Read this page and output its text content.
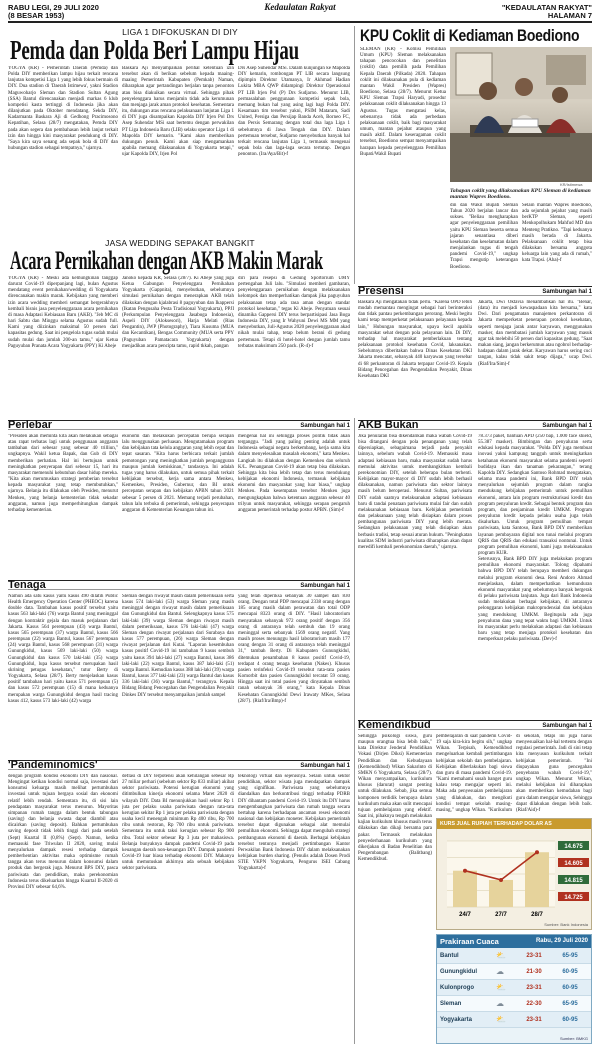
RABU LEGI, 29 JULI 2020
(8 BESAR 1953)
Kedaulatan Rakyat	"KEDAULATAN RAKYAT"
HALAMAN 7
LIGA 1 DIFOKUSKAN DI DIY
Pemda dan Polda Beri Lampu Hijau

YOGYA (KR) - Pemerintah Daerah (Pemda) dan Polda DIY memberikan lampu hijau terkait rencana lanjutan kompetisi Liga 1 yang lebih fokus bermain di DIY. Dua stadion di 'Daerah Istimewa', yakni Stadion Maguwoharjo Sleman dan Stadion Sultan Agung (SSA) Bantul direncanakan menjadi markas 6 klub kompetisi kasta tertinggi di Indonesia jika akan dilanjutkan pada Oktober mendatang. Sekda DIY, Kadarmanta Baskara Aji di Gedhong Pracimosono Kepatihan, Selasa (28/7) mengatakan, Pemda DIY pada akan segera dan pembahasan lebih lanjut terkait izin dan hingga kini masyarakat pendukung di DIY. "Saya kira saya senang ada sepak bola di DIY dan hubungan stadion sebagai tempatnya," ujarnya.

Baskara Aji menyampaikan perihal ketentuan izin tersebut akan di berikan sebelum kepada maaing-maaing Pemerintah Kabupaten (Pemkab) Naman, diharapkan agar pertandingan berjalan tanpa penonton atau bisa diakuikan secara virtual. Sehingga pihak penyelenggara harus menjamin tidak ada kerumunan dan menjaga jarak aman protokol kesehatan. Sementara itu, dukungan atas rencana pelaksanaan lanjutan Liga 1 di DIY juga disampaikan Kapolda DIY Irjen Pol Drs Asep Suhendar MSi saat bertemu dengan perwakilan PT Liga Indonesia Baru (LIB) selaku operator Liga 1 di Mapolda DIY kemarin. "Kami akan memberikan dukungan penuh. Kami akan siap mengamankan apabila memang dilaksanakan di Yogyakarta tetapi," ujar Kapolda DIY, Irjen Pol

Drs Asep Suhendar MSi. Dalam kunjungan ke Mapolda DIY kemarin, rombongan PT LIB secara langsung dipimpin Direktur Utamanya, Ir Akhmad Hadian Lukita MBA QWP didampingi Direktur Operasional PT LIB Irjen Pol (P) Drs Sudjarno. Menurut LIB, permasalahan penggunaan kompetisi sepak bola, memang bukan hal yang asing lagi bagi Polda DIY. Kesamaan tim tersebut yakni, PSIM Mataram, Sadi United, Persiga dan Persijap Banda Aceh, Borneo FC, dan Persis Semarang dengan total dua laga Liga 1 sebelumnya di Jawa Tengah dan DIY. Dalam pertemuan tersebut, Sudjarno menyebutkan banyak hal terkait rencana lanjutan Liga 1, termasuk mengenai sepak bola dan laga-laga secara tertutup. Dengan penonton. (Ira/Aya/Bit)-f

JASA WEDDING SEPAKAT BANGKIT
Acara Pernikahan dengan AKB Makin Marak

YOGYA (KR) - Meski ada kemungkinan tanggap darurat Covid-19 diperpanjang lagi, bulan Agustus mendatang event pernikahan/wedding di Yogyakarta direncanakan makin marak. Kebijakan yang memberi izin acara wedding memberi semangat bergerakhnya kembali bisnis jasa penyelenggaraan acara pernikahan di masa Adaptasi Kebiasaan Baru (AKB). "Jeb MC di hari Sabtu dan Minggu selama Agustus sudah full. Kami yang diizinkan maksimal 50 persen dari kapasitas gedung. Saat ini pengelola tugas sudah mulai sudah mulai dan jumlah 200-an tamu," ujar Ketua Paguyuban Pranata Acara Yogyakarta (PPY) Ki Abeje

Janoko kepada KR, Selasa (28/7). Ki Abeje yang juga Ketua Gabungan Penyelenggara Pernikahan Yogyakarta (Gappnita), menyebutkan, sebelumnya simulasi pernikahan dengan menerapkan AKB telah dilakukan dengan kjalabrasi 8 paguyuban dan Ikappersi (Ikatan Pengusaha Pesta Tradisional Yogyakarta), PPJI (Perkumpulan Penyelenggara Jasaboga Indonesia), Aspeli DIY (Aloksesori), Harja Melati (Rias Pengantin), JWP (Photography), Tiara Kusuma (MUA dan Kecantikan), Bengas Community (MUA serta PPY (Paguyuban Pamatacara Yogyakarta) dengan menjadikan acara pencipta tamu, rapid tkkah, pangan

diri para resepsi di Gedung Sportorium UMY pertengahan Juli lalu. "Simulasi memberi gambaran, penyelenggaraan pernikahan dengan melaksanakan kelompok dan memperhatikan dampak jika paguyuban pelaksanaan tetap ada rasa aman dengan standar protokol kesehatan," tegas Ki Abeje. Penyatuan sesuai dinamika Gappersi DIY terus berpartisipasi Jasa Boga Indonesia DIY, yang Ir Wahyuni Dewi MS MM yang menyebutkan, Juli-Agustus 2020 penyelenggaraan akad nikah mulai tahap, tetap belum berani di gedung pertemuan. Tetapi di hotel-hotel dengan jumlah tamu terbatas maksimum 250 pack. (R-4)-f

KPU Coklit di Kediaman Boediono

SLEMAN (KR) - Komisi Pemilihan Umum (KPU) Sleman melaksanakan tahapan pencocokan dan penelitian (coklit) data pemilih pada Pemilihan Kepala Daerah (Pilkada) 2020. Tahapan coklit ini dilaksanakan pula di kediaman mantan Wakil Presiden (Wapres) Boediono, Selasa (28/7). Menurut Ketua KPU Sleman Trapsi Haryadi, prosedur pelaksanaan coklit dilaksanakan hingga 13 Agustus. Tugas mengatasi kelas, sebenarnya tidak ada perbedaan pelaksanaan coklit, baik bagi masyarakat umum, mantan pejabat ataupun yang masih aktif. Dalam keseragaman coklit tersebut, Boediono sempat menyampaikan harapan kepada penyelenggara Pemilihan Bupati/Wakil Bupati

KR/Istimewa
Tahapan coklit yang dilaksanakan KPU Sleman di kediaman mantan Wapres Boediono.

din dan Wakil Bupati Sleman Tahun 2020 berjalan lancar dan sukses. "Beliau mengharapkan agar penyelenggaraan pemilihan yaitu KPU Sleman beserta semua jajaran senantiasa diberi kesehatan dan keselamatan dalam menjalankan tugas di tengah pandemi Covid-19," ungkap Trapsi mengutip keterangan Boediono.

Selain mantan Wapres Boediono, ada sejumlah pejabat yang masih berKTP Sleman, seperti Menkopolhukam Mahfud MD dan Menteng Pratikno. "Tapi keduanya masih berada di Jakarta. Pelaksanaan coklit tetap bisa dilakukan bersama anggota keluarga lain yang ada di rumah," kata Trapsi. (Aha)-f

Presensi	Sambungan hal 1

Baskara Aji mengatakan tidak perlu. "Karena OPD lebih mudah memantau mengingat sebagai hari berinteraksi dan tidak pantau perkembangan perorang. Meski begitu kami tetap memperketat pelaksanaan pelayanan kepada lain," Hubungan masyarakat, upaya kecil apabila masyarakat sehat dengan pola pelayanan lain. Di DIY, terhadap hal masyarakat pemberlakuan tentang pelaksanaan protokol kesehatan Covid, laksanakan. Sebelumnya diberitakan bahwa Dinas Kesehatan DKI Jakarta mencatat, sebanyak 440 karyawan yang tersebar di 68 perkantoran di Jakarta terpapar Covid-19. Kepala Bidang Pencegahan dan Pengendalian Penyakit, Dinas Kesehatan DKI

Jakarta, Dwi Oktavia menambahkan hal itu. "Benar, (data) itu menjadi kewaspadaan kita bersama," kata Dwi. Dari pengamatan manajemen perkantoran di Jakarta memperketat penerapan protokol kesehatan, seperti menjaga jarak antar karyawan, menggunakan masker, dan membatasi jumlah karyawan yang masuk agar tak melebihi 50 persen dari kapasitas gedung. "Saat makan siang, jangan berkerumun atau ngobrol berhadap-hadapan dalam jarak dekat. Karyawan harus sering cuci tangan, kalau tidak sakit tetap dijaga," ucap Dwi. (Riaf/Ira/Sim)-f

Perlebar	Sambungan hal 1

"Presiden akan meminta kita akan melakukan sebagai atau rapat terbatas lagi untuk penggunaan anggaran tambahan dari sebesar yang sebesar 40 trilliun," ungkapnya. Wakil ketua Bapak, dan Gub di DIY memberikan perhatian. Hal ini bertujuan untuk meningkatkan penyerapan dari sebesar 15, hari itu masyarakat memenuhi kebutuhan dasar hidup mereka. "Kita akan merumuskan strategi pemberian tersebut kepada masyarakat yang tetap membutuhkan," ujarnya. Belanja itu dilakukan oleh Presiden, menurut Menkeu, yang belanja kementerian tidak sekadar anggaran, namun juga memperhitungkan dampak terhadap kementerian.

ekonomi dan melakukan percepatan berupa serapan lalu menggunakan perluasan. Mengutamakan program dan kebijakan tata kelola anggaran yang lebih cepat dan tepat sasaran. "Kita harus berbicara terkait jumlah pemotongan yang meningkatkan jumlah pengangguran maupun jumlah kemiskinan," tandasnya. Ini adalah tugas yang harus dilakukan, untuk semua pihak terkait kebijakan tersebut, kerja sama antara Menkeu, Kemenkeu, Presiden, Gubernur, dan BI untuk percepatan serapan dan kebijakan APBN tahun 2021 sebesar 5 persen di 2021. Memang terjadi perubahan, tahun lalu terbuka di pemerintah, sehingga penyerapan anggaran di Kementerian Keuangan tahun ini.

mengenai hal ini sehingga proses politik tidak akan terganggu. "Jadi yang paling penting adalah untuk Indonesia sebagai negara berkembang, kerja sama kita dalam menyelesaikan masalah ekonomi," kata Menkeu. Langkah itu dilakukan dengan Kemenkeu dan seluruh K/L. Penanganan Covid-19 akan tetap bisa dilakukan. Sehingga kita bisa lebih tetap dan terus mendukung kebijakan ekonomi Indonesia, termasuk kebijakan ekonomi dan masyarakat yang luar biasa," ungkap Menkeu. Pada kesempatan tersebut Menkeu juga mengungkapkan bahwa ketentuan anggaran sebesar 40 trilyun untuk masyarakat, sehingga serapan pengaruh anggaran pemerintah terhadap postur APBN. (Sim)-f

Tenaga	Sambungan hal 1

Namun ada satu kasus yaitu kasus 490 dilatih Public Health Emergency Operation Center (PHEOC) karena double data. Tambahan kasus positif tersebut yaitu kasus 563 laki-laki (76) warga Bantul yang meninggal dengan kontraktir gejala dan masuk perjalanan dari Jakarta. Kasus 564 perempuan (43) warga Bantul, kasus 565 perempuan (37) warga Bantul, kasus 566 perempuan (22) warga Bantul, kasus 567 perempuan (24) warga Bantul, kasus 568 perempuan (31) warga Gunungkidul, kasus 569 laki-laki (50) warga Gunungkidul dan kasus 570 laki-laki (35) warga Gunungkidul, lupa kasus tersebut merupakan hasil skrining petugas kesehatan," tutur Berty di Yogyakarta, Selasa (28/7). Berty menjelaskan kasus positif tambahan hari yaitu kasus 571 perempuan (5) dan kasus 572 perempuan (15) di mana keduanya merupakan warga Gunungkidul dengan hasil tracing kasus 412, kasus 573 laki-laki (42) warga

Sleman dengan riwayat masih dalam pemeriksaan serta kasus 574 laki-laki (53) warga Sleman yang masih meninggal dengan riwayat masih dalam pemeriksaan dan Gunungkidul dan Bantul. Selengkapnya kasus 575 laki-laki (39) warga Sleman dengan riwayat masih dalam pemeriksaan, kasus 576 laki-laki (47) warga Sleman dengan riwayat perjalanan dari Surabaya dan kasus 577 perempuan, (26) warga Sleman dengan riwayat perjalanan dari Kutai. "Laporan kesembuhan kasus positif Covid-19 ini tambahan 9 kasus sembuh yaitu kasus 394 laki-laki (27) warga Bantul, kasus 386 laki-laki (22) warga Bantul, kasus 387 laki-laki (51) warga Bantul. Kemudian kasus 388 laki-laki (39) warga Bantul, kasus 377 laki-laki (23) warga Bantul dan kasus 336 laki-laki (36) warga Bantul," terangnya. Kepala Bidang Bidang Pencegahan dan Pengendalian Penyakit Dinkes DIY tersebut menyampaikan jumlah sampel

yang telah diperiksa sebanyak 30 sampel dari 830 orang. Dengan total PDP mencapai 2338 orang dengan 185 orang masih dalam perawatan dan total ODP mencapai 8323 orang di DIY. "Hasil laboratorium menyatakan sebanyak 972 orang positif dengan 356 orang di antaranya telah sembuh dan 19 orang meninggal serta sebanyak 1569 orang negatif. Yang masih proses menunggu hasil laboratorium masih 177 orang dengan 31 orang di antaranya telah meninggal 31," tambah Berty. Di Kabupaten Gunungkidul, ditemukan penambahan 8 kasus positif Covid-19, terdapat 4 orang tenaga kesehatan (Nakes). Khusus pasien terinfeksi Covid-19 tersebut rata-rata pasien Komorbit dan pasien Gunungkidul tercatat 59 orang. Hingga saat ini total pasien yang dinyatakan sembuh ranah sebanyak 36 orang," kata Kepala Dinas Kesehatan Gunungkidul Dewi Irawaty MKes, Selasa (28/7). (Riaf/Ira/Bmp)-f

'Pandeminomics'	Sambungan hal 1

dengan program kondisi ekonomi DIY dan nasional. Mengingat ketikan kondisi normal saja, investasi dari konsumsi keluarga masih melihat pertumbuhan investasi untuk tujuan bergaya sosial dan ekonomi relatif lebih rendah. Sementara itu, di sisi lain pendapatan masyarakat terus menurun. Mayoritas simpanan rumah tangga dalam bentuk tabungan (saving) dan belanja swasta dapat diambil atau dicairkan (saving deposit). Bahkan pertumbuhan saving deposit tidak lebih tinggi dari pada setelah (Sept) Kuartal II (0,8%) (Sept). Namun, ketika memasuki fase Triwulan II 2020, saving mulai menyalurkan dampak resesi terhadap dampak pemberhentian aktivitas maka optimisme rumah tangga akan terus menurun dalam konsumsi dalam produk dan bergerak juga. Menurut BPS DIY, pasca pariwisata dan pendidikan, maka perekonomian Indonesia terus dikeluarkan hingga Kuartal II-2020 di Provinsi DIY sebesar 64,6%.

deflasi di DIY terpotensi akan kehilangan sebesar Rp 27 miliar perhari (sebelum sektor Rp 833 miliar) akibat sektor pariwisata. Potensi kerugian ekonomi yang ditimbulkan kinerja ekonomi selama Maret 2020 di wilayah DIY. Data BI menunjukkan hasil sektor Rp 1 juta per pelaku usaha pariwisata dengan rata-rata kerugian sekitar Rp 1 juta per pelaku pariwisata dengan usaha kecil menengah minimum Rp 400 ribu, Rp 700 ribu untuk restoran, Rp 700 ribu untuk pariwisata. Sementara itu untuk taksi kerugian sebesar Rp 900 ribu. Total sektor sebesar Rp 3 juta per mahasiswa. Belanja bunyaknya dampak pandemi Covid-19 pada keuangan daerah non-keuangan DIY. Dampak pandemi Covid-19 luar biasa terhadap ekonomi DIY. Makanya untuk memutuskan akhirnya ada sebuah kebijakan sektor pariwisata.

teknologi virtual dan sejenisnya. Selain untuk sektor pendidikan, sektor wisata juga mendapatkan dampak yang signifikan. Pariwisata yang sebelumnya diandalkan dan berkontribusi tinggi terhadap PDRB DIY dihantam pandemi Covid-19. Untuk itu DIY harus mengembangkan pariwisata dan rumah tangga secara bertahap karena berhadapan ancaman resesi ekonomi nasional dan kebijakan moneter. Kebijakan pemerintah tersebut dapat digunakan sebagai alat memulai pemulihan ekonomi. Sehingga dapat mengubah strategi pembangunan ekonomi di daerah. Berbagai kebijakan tersebut tentunya menjadi pertimbangan Kantor Perwakilan Bank Indonesia DIY dalam melaksanakan kebijakan burden sharing. (Penulis adalah Dosen Prodi STIE YKPN Yogyakarta, Pengurus ISEI Cabang Yogyakarta)-f

AKB Bukan	Sambungan hal 1

Jika penularan bisa dikendalikan maka wabah Covid-19 bisa ditangani dengan pola penanganan yang telah dipersiapkan, sebagaimana terjadi pada penyakit lainnya, sebelum wabah Covid-19. Memasuki masa adaptasi kebiasaan baru, maka masyarakat sudah harus memulai aktivitas untuk membangkitkan kembali perekonomian DIY, setelah beberapa bulan terhenti. Kebijakan mayor-mayor di DIY sudah lebih berhasil dilaksanakan, namun pariwisata dan sektor lainnya masih belum beroperasi. Menurut Sultan, pariwisata DIY sudah saatnya melaksanakan adaptasi kebiasaan baru di tandai penataan pariwisata mulai fair dan sudah melaksanakan kebiasaan baru. Kebijakan pemerintah dan pelaksanaan yang telah disiapkan dalam proses pembangunan pariwisata DIY yang lebih merata. Sedangkan pelaksanaan yang telah disiapkan akan berbasis tradisi, tetap sesuai aturan hukum. "Peningkatan kualitas SDM industri pariwisata diharapkan akan dapat meredifi kembali perekonomian daerah," ujarnya.

78.373 paket, bantuan APD (250 bap, 1.000 face shield, 55.387 masker). Bimbingan dan penyaluran serta edukasi kepada masyarakat. "Polda DIY juga membuat inovasi yakni kampung tangguh untuk meningkatkan ketahanan ekonomi masyarakat selama pandemi seperti budidaya ikan dan tanaman pekarangan," terang Kapolda DIY. Sedangkan Santoso Rohmad mengatakan, selama masa pandemi ini, Bank BPD DIY telah menyalurkan sejumlah program dalam rangka mendukung kebijakan pemerintah untuk pemulihan ekonomi, antara lain program restrukturisasi kredit dan program penyaluran kredit. Sebagai bentuk program dan program, dan penjaminan kredit UMKM. Program penyaluran kredit kepada pelaku usaha juga telah disalurkan. Untuk program pemulihan tempat pariwisata, kata Santoso, Bank BPD DIY memberikan layanan pembayaran digital non tunai melalui program QRIS dan QRIS dan edukasi transaksi nontunai. Untuk program pemulihan ekonomi, kami juga melaksanakan program KUR.

Seterusnya, Bank BPD DIY juga melakukan program pemulihan ekonomi masyarakat. Tolong dipahami bahwa BPD DIY telah berupaya memberi dukungan melalui program ekonomi desa. Reni Andoro Ahmad menjelaskan, dalam memperhatikan kemunduran ekonomi masyarakat yang sebelumnya banyak bergerak di pelaku pariwisata lanjutan. Juga dari Bank Indonesia sudah melakukan berbagai kebijakan, di antaranya pelonggaran kebijakan makroprudensial dan kebijakan yang mendukung UMKM. Begitupula ada juga penyaluran dana yang tepat waktu bagi UMKM. Untuk itu masyarakat perlu melakukan adaptasi dan kebiasaan baru yang tetap menjaga protokol kesehatan dan memperkuat pelaku pariwisata. (Dev)-f

Kemendikbud	Sambungan hal 1

Sehingga psikologi siswa, guru maupun orangtua bisa lebih baik," kata Direktur Jenderal Pendidikan Vokasi (Dirjen Diksi) Kementerian Pendidikan dan Kebudayaan (Kemendikbud) Wikan Sakarinto di SMKN 6 Yogyakarta, Selasa (28/7). Wikan menyampaikan, kurikulum khusus (darurat) sangat penting untuk dilakukan. Sebab, jika semua komponen terdidik berupaya dalam kurikulum maka akan sulit mencapai tujuan pembelajaran yang efektif. Saat ini, pihaknya tengah melakukan kajian kurikulum khusus masih terus dilakukan dan dikaji bersama para pakar. Termasuk melakukan penyederhanaan kurikulum yang dikerjakan di Badan Penelitian dan Pengembangan (Balitbang) Kemendikbud.

pembelajaran di saat pandemi Covid-19 saja kira-kira begitu sih," ungkap Wikan. Terpisah, Kemendikbud mengeluarkan kembali pertimbangan kebijakan sekolah dan pembelajaran. Kebijakan diberlakukan bagi siswa dan guru di masa pandemi Covid-19. "Kami memahami susah banget guru kalau tetap mengajar seperti ini. Maka ada penyesuaian pembelajaran yang dilakukan, dan mengikuti kondisi tempat sekolah masing-masing," ungkap Wikan. "Kurikulum

di sekolah, tetapi ini juga harus menyesuaikan hal-hal tertentu dengan regulasi pemerintah. Jadi di sini tetap kita menyusun kurikulum terkait kebijakan pemerintah. "Ini diupayakan guna pencegahan penyebaran wabah Covid-19," ungkap Wikan. Menurut Wikan, melalui kebijakan ini diharapkan akan memberikan kemudahan bagi guru dalam mengajar siswa, Sehingga dapat dilakukan dengan lebih baik. (Riaf/Aid)-f

KURS JUAL RUPIAH TERHADAP DOLAR AS
24/7	27/7	28/7
14.675
14.605
14.815
14.725
Sumber: Bank Indonesia
Prakiraan Cuaca	Rabu, 29 Juli 2020
Bantul	⛅	23-31	65-95
Gunungkidul	☁	21-30	60-95
Kulonprogo	⛅	23-31	60-95
Sleman	☁	22-30	65-95
Yogyakarta	⛅	23-31	60-95
Sumber: BMKG
